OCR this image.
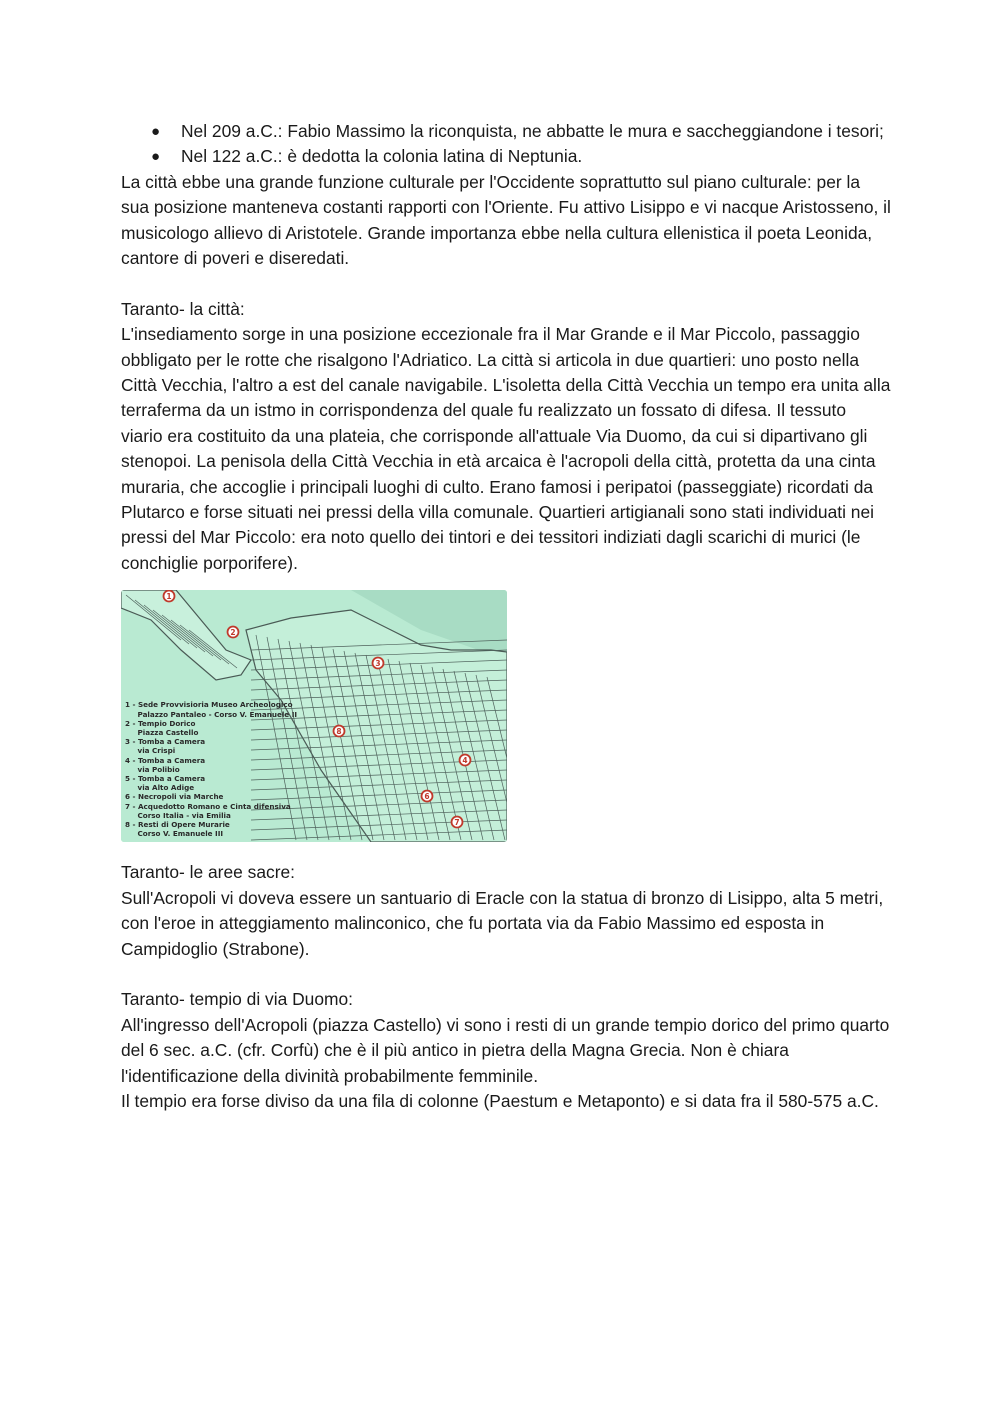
● Nel 209 a.C.: Fabio Massimo la riconquista, ne abbatte le mura e saccheggiandone i tesori;
● Nel 122 a.C.: è dedotta la colonia latina di Neptunia.

La città ebbe una grande funzione culturale per l'Occidente soprattutto sul piano culturale: per la sua posizione manteneva costanti rapporti con l'Oriente. Fu attivo Lisippo e vi nacque Aristosseno, il musicologo allievo di Aristotele. Grande importanza ebbe nella cultura ellenistica il poeta Leonida, cantore di poveri e diseredati.

Taranto- la città:

L'insediamento sorge in una posizione eccezionale fra il Mar Grande e il Mar Piccolo, passaggio obbligato per le rotte che risalgono l'Adriatico. La città si articola in due quartieri: uno posto nella Città Vecchia, l'altro a est del canale navigabile. L'isoletta della Città Vecchia un tempo era unita alla terraferma da un istmo in corrispondenza del quale fu realizzato un fossato di difesa. Il tessuto viario era costituito da una plateia, che corrisponde all'attuale Via Duomo, da cui si dipartivano gli stenopoi. La penisola della Città Vecchia in età arcaica è l'acropoli della città, protetta da una cinta muraria, che accoglie i principali luoghi di culto. Erano famosi i peripatoi (passeggiate) ricordati da Plutarco e forse situati nei pressi della villa comunale. Quartieri artigianali sono stati individuati nei pressi del Mar Piccolo: era noto quello dei tintori e dei tessitori indiziati dagli scarichi di murici (le conchiglie porporifere).

1
2
3
4
6
7
8
1 - Sede Provvisioria Museo Archeologico
Palazzo Pantaleo - Corso V. Emanuele II
2 - Tempio Dorico
Piazza Castello
3 - Tomba a Camera
via Crispi
4 - Tomba a Camera
via Polibio
5 - Tomba a Camera
via Alto Adige
6 - Necropoli via Marche
7 - Acquedotto Romano e Cinta difensiva
Corso Italia - via Emilia
8 - Resti di Opere Murarie
Corso V. Emanuele III

Taranto- le aree sacre:

Sull'Acropoli vi doveva essere un santuario di Eracle con la statua di bronzo di Lisippo, alta 5 metri, con l'eroe in atteggiamento malinconico, che fu portata via da Fabio Massimo ed esposta in Campidoglio (Strabone).

Taranto- tempio di via Duomo:

All'ingresso dell'Acropoli (piazza Castello) vi sono i resti di un grande tempio dorico del primo quarto del 6 sec. a.C. (cfr. Corfù) che è il più antico in pietra della Magna Grecia. Non è chiara l'identificazione della divinità probabilmente femminile.

Il tempio era forse diviso da una fila di colonne (Paestum e Metaponto) e si data fra il 580-575 a.C.
